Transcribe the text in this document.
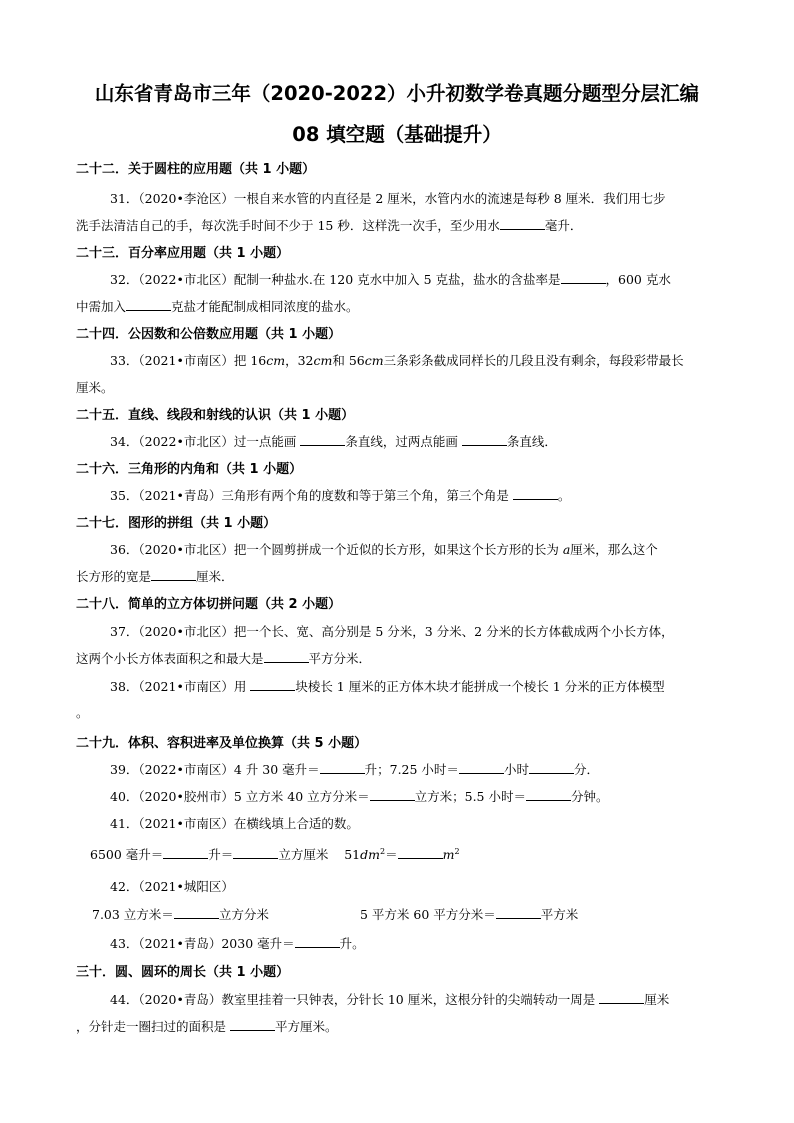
山东省青岛市三年（2020-2022）小升初数学卷真题分题型分层汇编
08 填空题（基础提升）
二十二．关于圆柱的应用题（共 1 小题）
31．（2020•李沧区）一根自来水管的内直径是 2 厘米，水管内水的流速是每秒 8 厘米．我们用七步
洗手法清洁自己的手，每次洗手时间不少于 15 秒．这样洗一次手，至少用水	毫升．
二十三．百分率应用题（共 1 小题）
32．（2022•市北区）配制一种盐水.在 120 克水中加入 5 克盐，盐水的含盐率是	，600 克水
中需加入	克盐才能配制成相同浓度的盐水。
二十四．公因数和公倍数应用题（共 1 小题）
33．（2021•市南区）把 16cm，32cm和 56cm三条彩条截成同样长的几段且没有剩余，每段彩带最长
厘米。
二十五．直线、线段和射线的认识（共 1 小题）
34．（2022•市北区）过一点能画	条直线，过两点能画	条直线．
二十六．三角形的内角和（共 1 小题）
35．（2021•青岛）三角形有两个角的度数和等于第三个角，第三个角是	。
二十七．图形的拼组（共 1 小题）
36．（2020•市北区）把一个圆剪拼成一个近似的长方形，如果这个长方形的长为 a厘米，那么这个
长方形的宽是	厘米．
二十八．简单的立方体切拼问题（共 2 小题）
37．（2020•市北区）把一个长、宽、高分别是 5 分米，3 分米、2 分米的长方体截成两个小长方体，
这两个小长方体表面积之和最大是	平方分米．
38．（2021•市南区）用	块棱长 1 厘米的正方体木块才能拼成一个棱长 1 分米的正方体模型
。
二十九．体积、容积进率及单位换算（共 5 小题）
39．（2022•市南区）4 升 30 毫升＝	升；7.25 小时＝	小时	分．
40．（2020•胶州市）5 立方米 40 立方分米＝	立方米；5.5 小时＝	分钟。
41．（2021•市南区）在横线填上合适的数。
6500 毫升＝	升＝	立方厘米 $51dm^2=$	$m^2$
42．（2021•城阳区）
7.03 立方米＝	立方分米	5 平方米 60 平方分米＝	平方米
43．（2021•青岛）2030 毫升＝	升。
三十．圆、圆环的周长（共 1 小题）
44．（2020•青岛）教室里挂着一只钟表，分针长 10 厘米，这根分针的尖端转动一周是	厘米
，分针走一圈扫过的面积是	平方厘米。
